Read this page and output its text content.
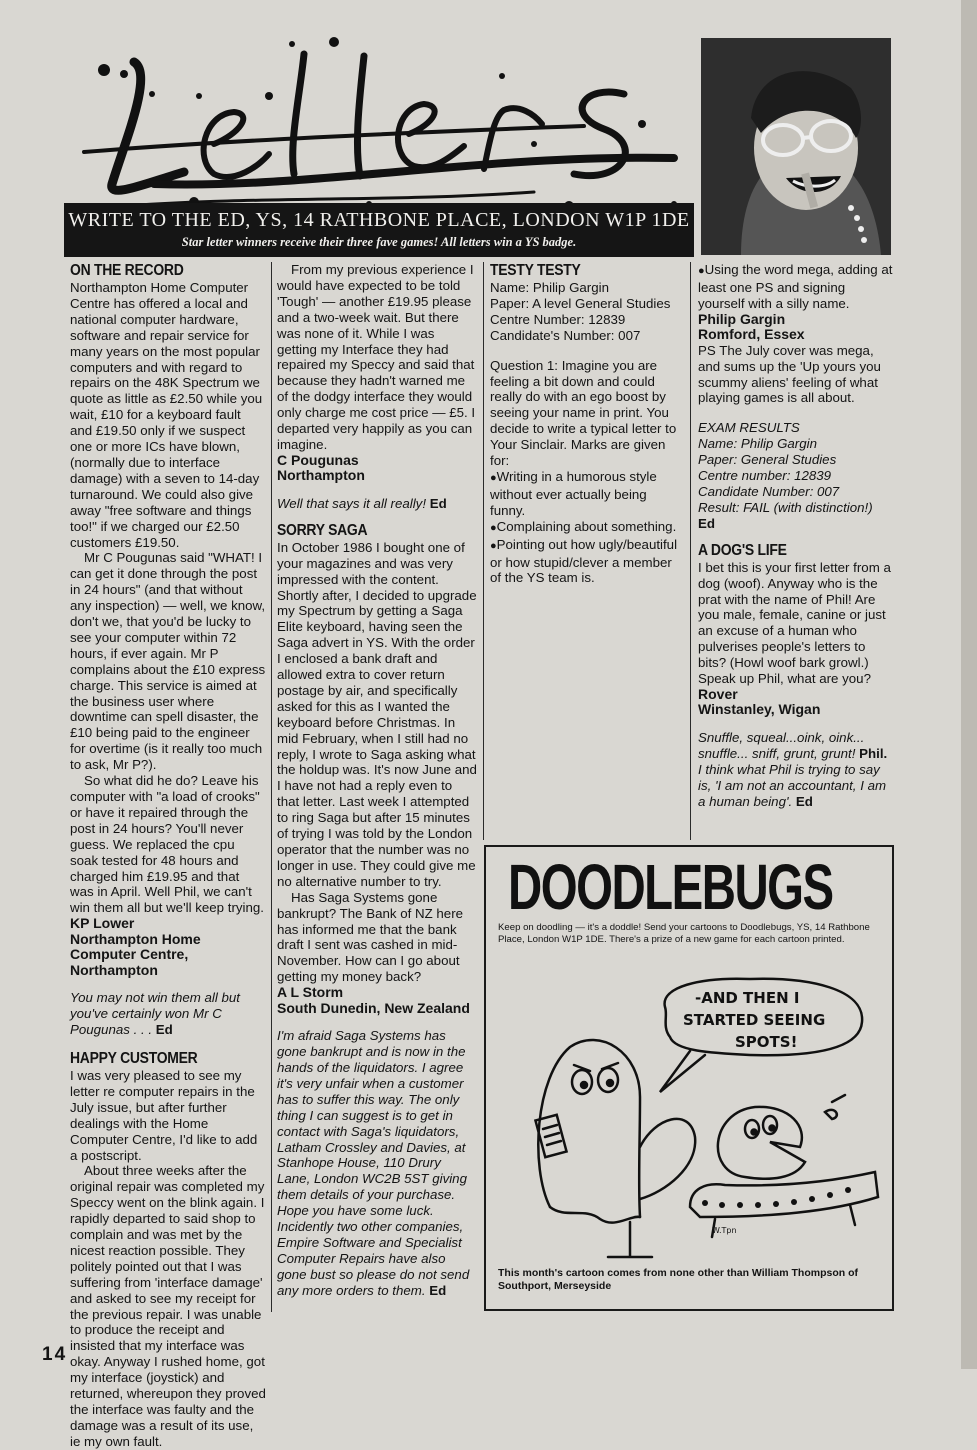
WRITE TO THE ED, YS, 14 RATHBONE PLACE, LONDON W1P 1DE
Star letter winners receive their three fave games! All letters win a YS badge.
ON THE RECORD

Northampton Home Computer Centre has offered a local and national computer hardware, software and repair service for many years on the most popular computers and with regard to repairs on the 48K Spectrum we quote as little as £2.50 while you wait, £10 for a keyboard fault and £19.50 only if we suspect one or more ICs have blown, (normally due to interface damage) with a seven to 14-day turnaround. We could also give away "free software and things too!" if we charged our £2.50 customers £19.50.

Mr C Pougunas said "WHAT! I can get it done through the post in 24 hours" (and that without any inspection) — well, we know, don't we, that you'd be lucky to see your computer within 72 hours, if ever again. Mr P complains about the £10 express charge. This service is aimed at the business user where downtime can spell disaster, the £10 being paid to the engineer for overtime (is it really too much to ask, Mr P?).

So what did he do? Leave his computer with "a load of crooks" or have it repaired through the post in 24 hours? You'll never guess. We replaced the cpu soak tested for 48 hours and charged him £19.95 and that was in April. Well Phil, we can't win them all but we'll keep trying.

KP Lower
Northampton Home Computer Centre,
Northampton

You may not win them all but you've certainly won Mr C Pougunas . . . Ed

HAPPY CUSTOMER

I was very pleased to see my letter re computer repairs in the July issue, but after further dealings with the Home Computer Centre, I'd like to add a postscript.

About three weeks after the original repair was completed my Speccy went on the blink again. I rapidly departed to said shop to complain and was met by the nicest reaction possible. They politely pointed out that I was suffering from 'interface damage' and asked to see my receipt for the previous repair. I was unable to produce the receipt and insisted that my interface was okay. Anyway I rushed home, got my interface (joystick) and returned, whereupon they proved the interface was faulty and the damage was a result of its use, ie my own fault.

From my previous experience I would have expected to be told 'Tough' — another £19.95 please and a two-week wait. But there was none of it. While I was getting my Interface they had repaired my Speccy and said that because they hadn't warned me of the dodgy interface they would only charge me cost price — £5. I departed very happily as you can imagine.

C Pougunas
Northampton

Well that says it all really! Ed

SORRY SAGA

In October 1986 I bought one of your magazines and was very impressed with the content. Shortly after, I decided to upgrade my Spectrum by getting a Saga Elite keyboard, having seen the Saga advert in YS. With the order I enclosed a bank draft and allowed extra to cover return postage by air, and specifically asked for this as I wanted the keyboard before Christmas. In mid February, when I still had no reply, I wrote to Saga asking what the holdup was. It's now June and I have not had a reply even to that letter. Last week I attempted to ring Saga but after 15 minutes of trying I was told by the London operator that the number was no longer in use. They could give me no alternative number to try.

Has Saga Systems gone bankrupt? The Bank of NZ here has informed me that the bank draft I sent was cashed in mid-November. How can I go about getting my money back?

A L Storm
South Dunedin, New Zealand

I'm afraid Saga Systems has gone bankrupt and is now in the hands of the liquidators. I agree it's very unfair when a customer has to suffer this way. The only thing I can suggest is to get in contact with Saga's liquidators, Latham Crossley and Davies, at Stanhope House, 110 Drury Lane, London WC2B 5ST giving them details of your purchase. Hope you have some luck. Incidently two other companies, Empire Software and Specialist Computer Repairs have also gone bust so please do not send any more orders to them. Ed

TESTY TESTY

Name: Philip Gargin

Paper: A level General Studies

Centre Number: 12839

Candidate's Number: 007

Question 1: Imagine you are feeling a bit down and could really do with an ego boost by seeing your name in print. You decide to write a typical letter to Your Sinclair. Marks are given for:

● Writing in a humorous style without ever actually being funny.

● Complaining about something.

● Pointing out how ugly/beautiful or how stupid/clever a member of the YS team is.

● Using the word mega, adding at least one PS and signing yourself with a silly name.

Philip Gargin
Romford, Essex

PS The July cover was mega, and sums up the 'Up yours you scummy aliens' feeling of what playing games is all about.

EXAM RESULTS

Name: Philip Gargin

Paper: General Studies

Centre number: 12839

Candidate Number: 007

Result: FAIL (with distinction!)

Ed

A DOG'S LIFE

I bet this is your first letter from a dog (woof). Anyway who is the prat with the name of Phil! Are you male, female, canine or just an excuse of a human who pulverises people's letters to bits? (Howl woof bark growl.) Speak up Phil, what are you?

Rover
Winstanley, Wigan

Snuffle, squeal...oink, oink... snuffle... sniff, grunt, grunt! Phil. I think what Phil is trying to say is, 'I am not an accountant, I am a human being'. Ed

DOODLEBUGS
Keep on doodling — it's a doddle! Send your cartoons to Doodlebugs, YS, 14 Rathbone Place, London W1P 1DE. There's a prize of a new game for each cartoon printed.
-AND THEN I
STARTED SEEING
SPOTS!
W.Tpn
This month's cartoon comes from none other than William Thompson of Southport, Merseyside
14
